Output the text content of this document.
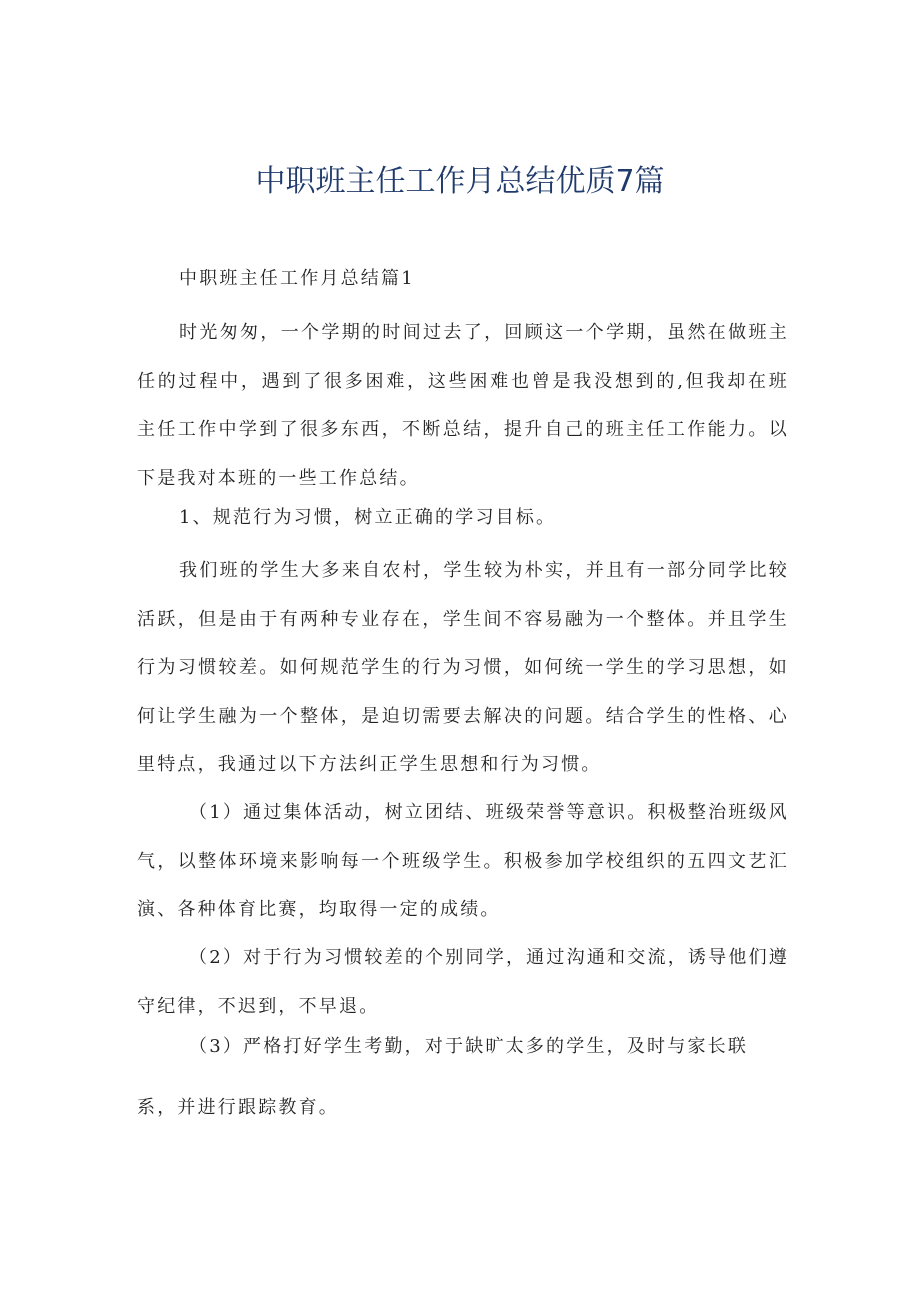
中职班主任工作月总结优质7篇
中职班主任工作月总结篇1

时光匆匆，一个学期的时间过去了，回顾这一个学期，虽然在做班主任的过程中，遇到了很多困难，这些困难也曾是我没想到的,但我却在班主任工作中学到了很多东西，不断总结，提升自己的班主任工作能力。以下是我对本班的一些工作总结。

1、规范行为习惯，树立正确的学习目标。

我们班的学生大多来自农村，学生较为朴实，并且有一部分同学比较活跃，但是由于有两种专业存在，学生间不容易融为一个整体。并且学生行为习惯较差。如何规范学生的行为习惯，如何统一学生的学习思想，如何让学生融为一个整体，是迫切需要去解决的问题。结合学生的性格、心里特点，我通过以下方法纠正学生思想和行为习惯。

（1）通过集体活动，树立团结、班级荣誉等意识。积极整治班级风气，以整体环境来影响每一个班级学生。积极参加学校组织的五四文艺汇演、各种体育比赛，均取得一定的成绩。

（2）对于行为习惯较差的个别同学，通过沟通和交流，诱导他们遵守纪律，不迟到，不早退。

（3）严格打好学生考勤，对于缺旷太多的学生，及时与家长联

系，并进行跟踪教育。
